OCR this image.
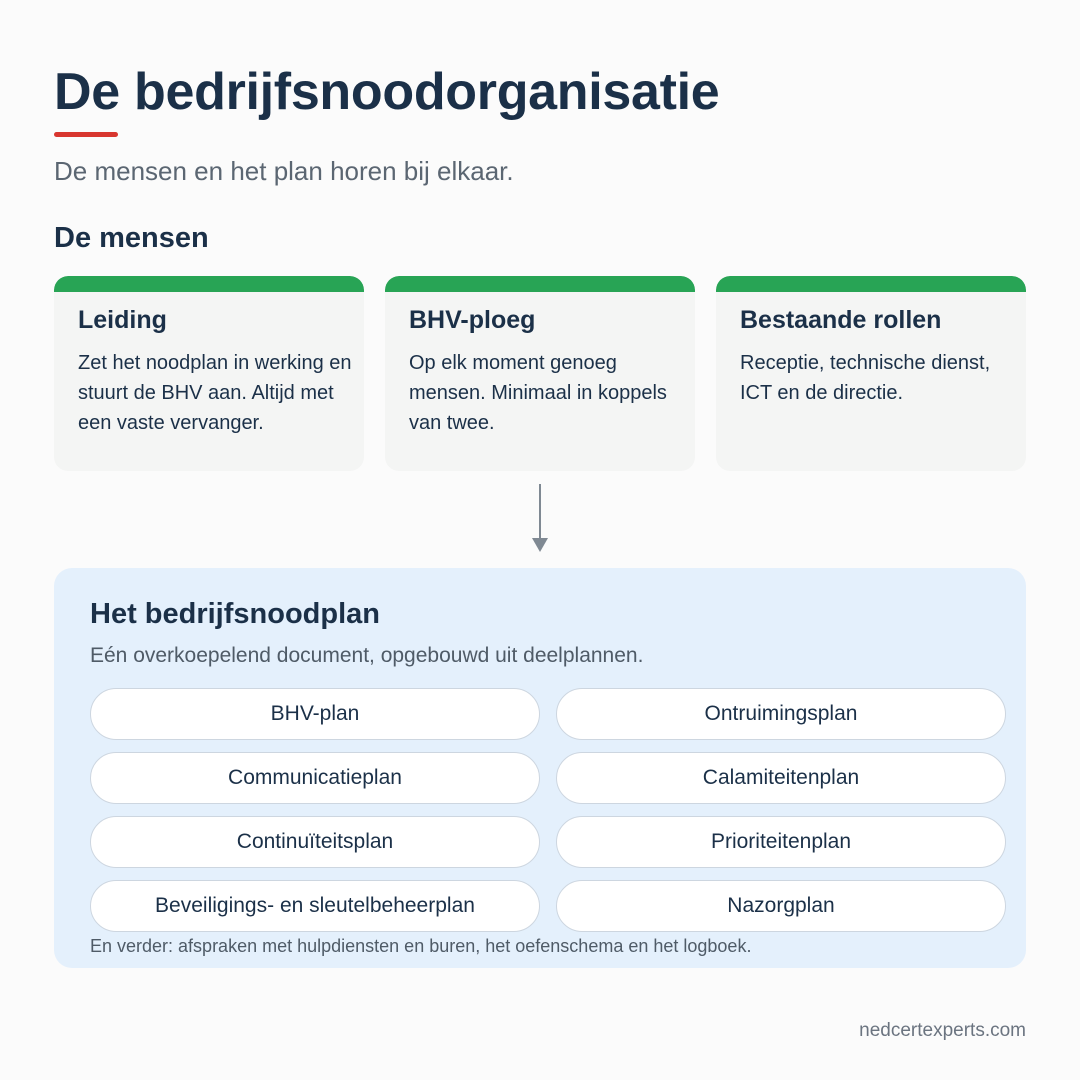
De bedrijfsnoodorganisatie

De mensen en het plan horen bij elkaar.

De mensen
Leiding

Zet het noodplan in werking en stuurt de BHV aan. Altijd met een vaste vervanger.

BHV-ploeg

Op elk moment genoeg mensen. Minimaal in koppels van twee.

Bestaande rollen

Receptie, technische dienst, ICT en de directie.

Het bedrijfsnoodplan

Eén overkoepelend document, opgebouwd uit deelplannen.

BHV-plan	Ontruimingsplan
Communicatieplan	Calamiteitenplan
Continuïteitsplan	Prioriteitenplan
Beveiligings- en sleutelbeheerplan	Nazorgplan

En verder: afspraken met hulpdiensten en buren, het oefenschema en het logboek.

nedcertexperts.com
